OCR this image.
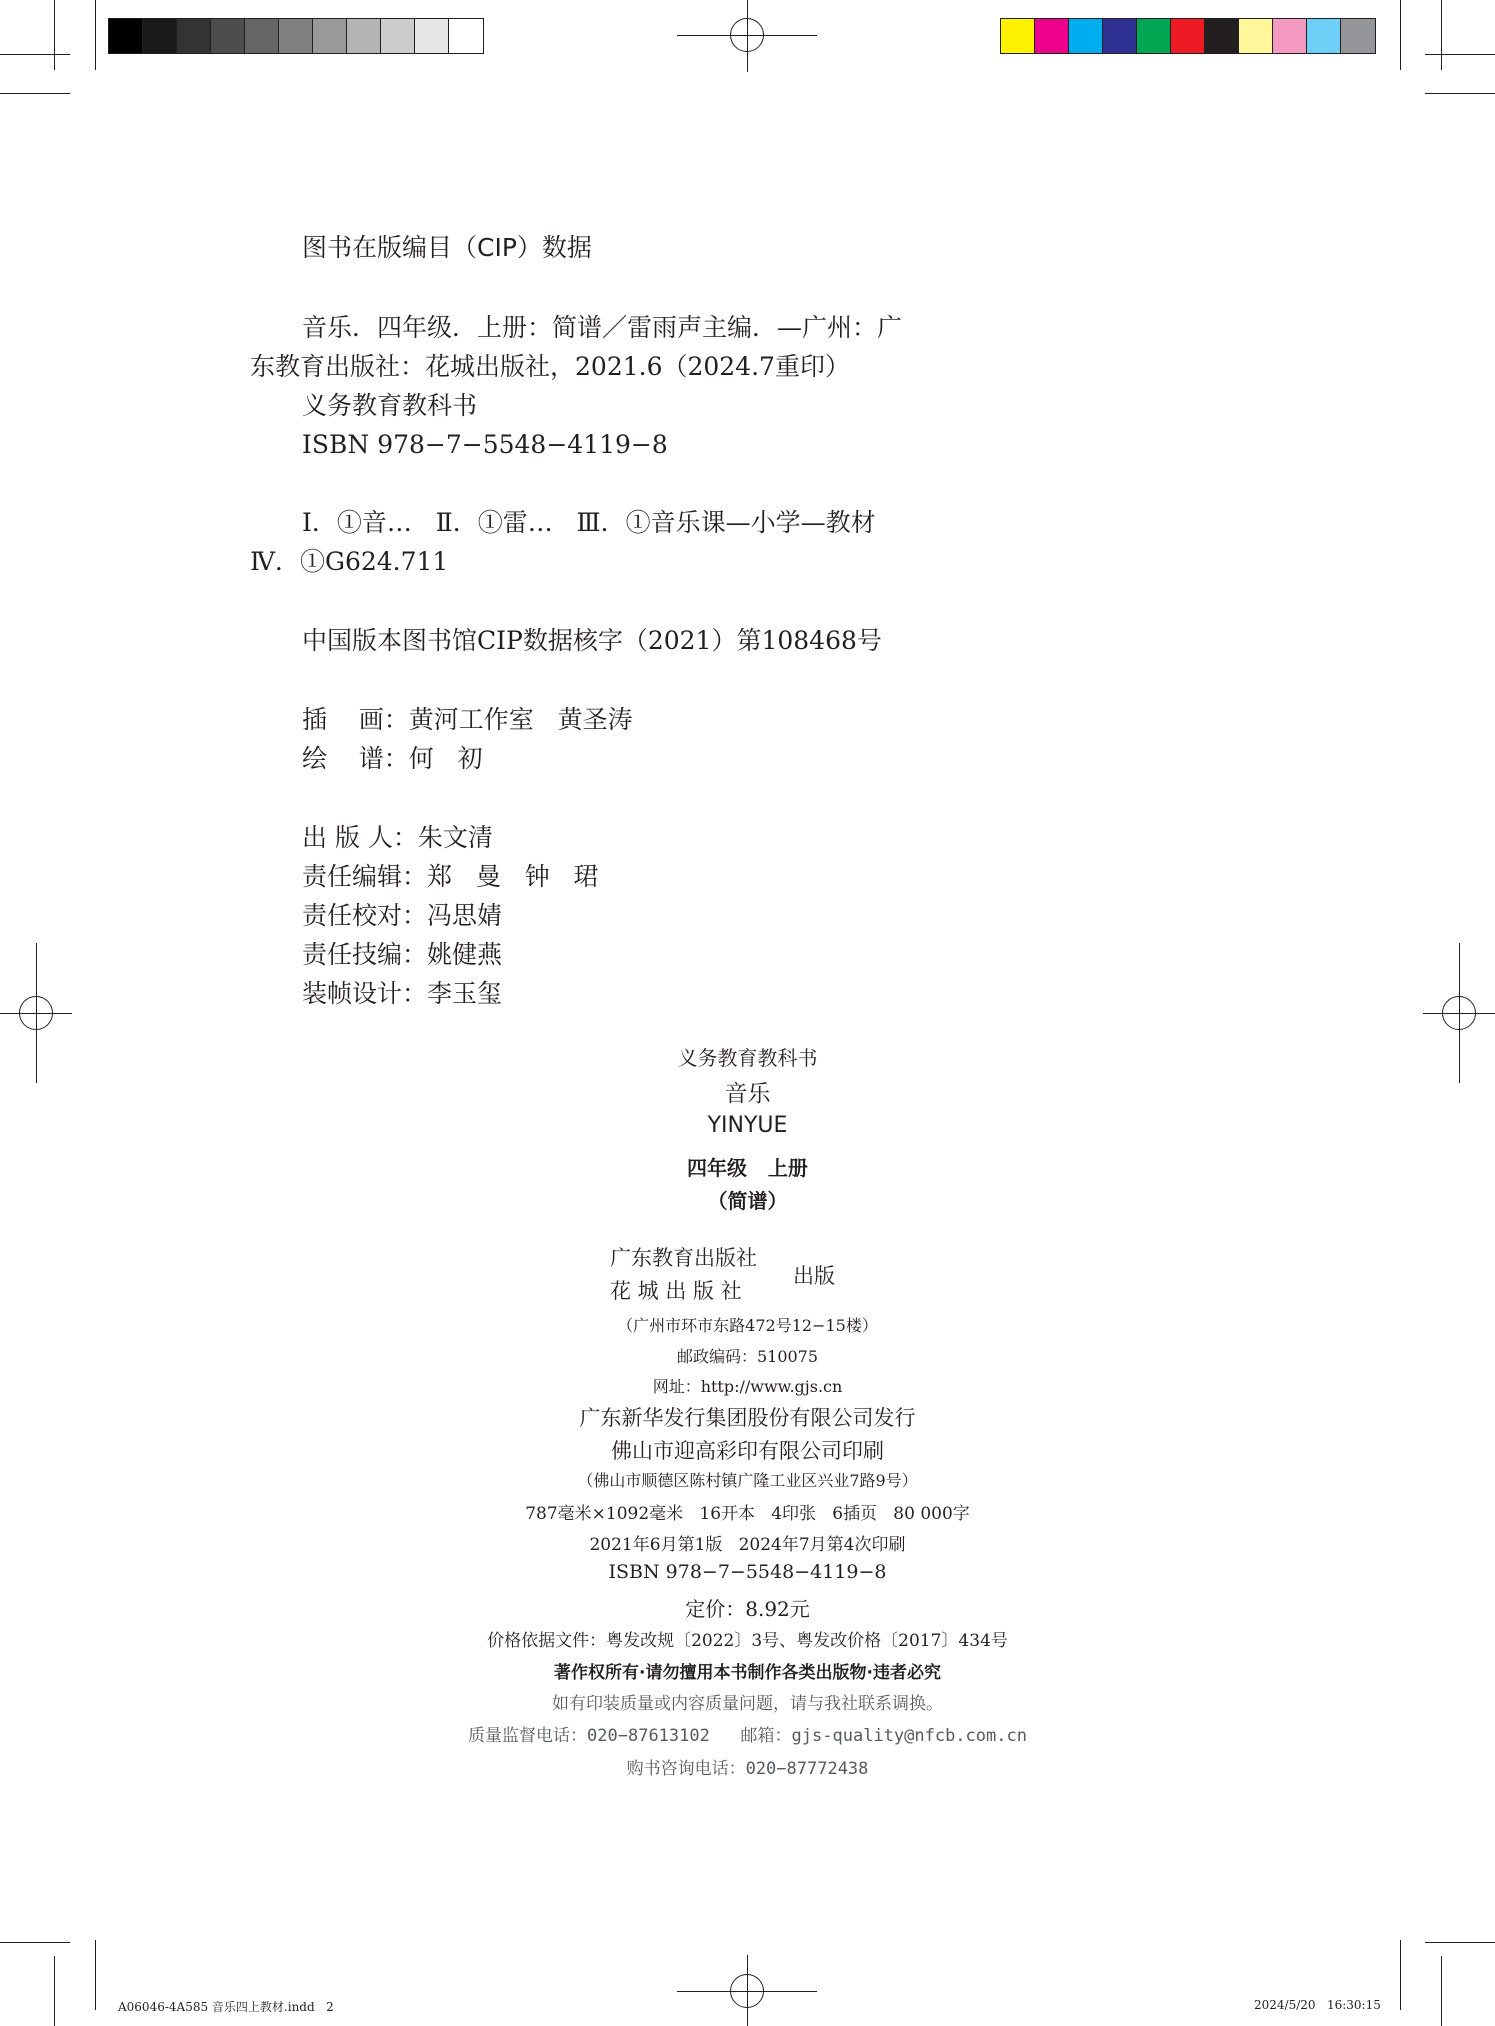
图书在版编目（CIP）数据
音乐．四年级．上册：简谱／雷雨声主编．—广州：广
东教育出版社：花城出版社，2021.6（2024.7重印）
义务教育教科书
ISBN 978−7−5548−4119−8
Ⅰ．①音…   Ⅱ．①雷…   Ⅲ．①音乐课—小学—教材
Ⅳ．①G624.711
中国版本图书馆CIP数据核字（2021）第108468号
插    画：黄河工作室   黄圣涛
绘    谱：何   初
出 版 人：朱文清
责任编辑：郑   曼   钟   珺
责任校对：冯思婧
责任技编：姚健燕
装帧设计：李玉玺
义务教育教科书
音乐
YINYUE
四年级   上册
（简谱）
广东教育出版社
花 城 出 版 社
出版
（广州市环市东路472号12−15楼）
邮政编码：510075
网址：http://www.gjs.cn
广东新华发行集团股份有限公司发行
佛山市迎高彩印有限公司印刷
（佛山市顺德区陈村镇广隆工业区兴业7路9号）
787毫米×1092毫米   16开本   4印张   6插页   80 000字
2021年6月第1版   2024年7月第4次印刷
ISBN 978−7−5548−4119−8
定价：8.92元
价格依据文件：粤发改规〔2022〕3号、粤发改价格〔2017〕434号
著作权所有·请勿擅用本书制作各类出版物·违者必究
如有印装质量或内容质量问题，请与我社联系调换。
质量监督电话：020−87613102   邮箱：gjs-quality@nfcb.com.cn
购书咨询电话：020−87772438
A06046-4A585 音乐四上教材.indd   2	2024/5/20   16:30:15
